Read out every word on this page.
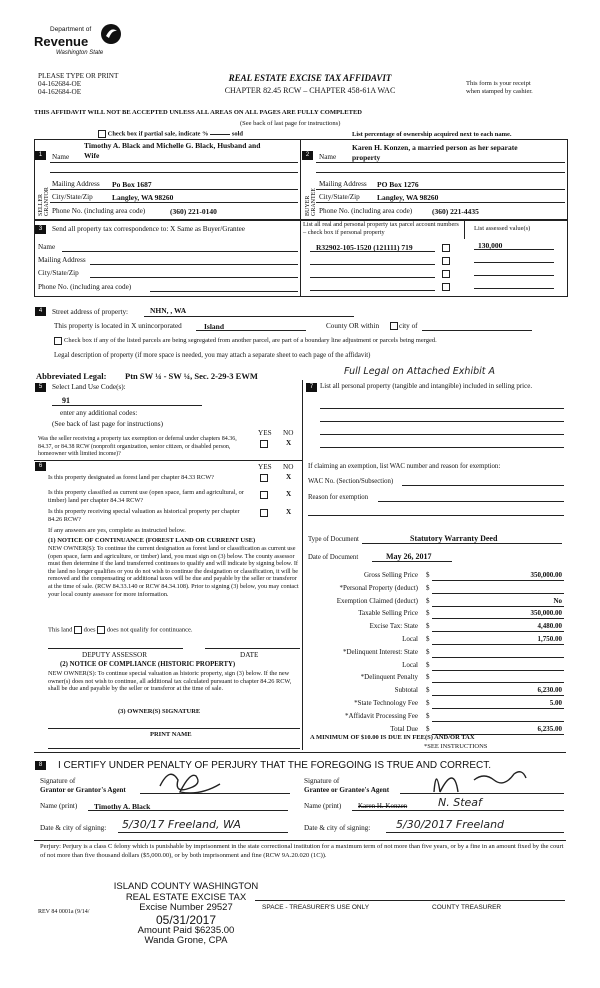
Department of
Revenue
Washington State
PLEASE TYPE OR PRINT
04-162684-OE
04-162684-OE
REAL ESTATE EXCISE TAX AFFIDAVIT
CHAPTER 82.45 RCW – CHAPTER 458-61A WAC
This form is your receipt
when stamped by cashier.
THIS AFFIDAVIT WILL NOT BE ACCEPTED UNLESS ALL AREAS ON ALL PAGES ARE FULLY COMPLETED
(See back of last page for instructions)
Check box if partial sale, indicate %	sold	List percentage of ownership acquired next to each name.
1
SELLER GRANTOR
Timothy A. Black and Michelle G. Black, Husband and
Name Wife
Mailing Address Po Box 1687
City/State/Zip	Langley, WA 98260
Phone No. (including area code)	(360) 221-0140
2
BUYER GRANTEE
Karen H. Konzen, a married person as her separate
Name property
Mailing Address PO Box 1276
City/State/Zip Langley, WA 98260
Phone No. (including area code)	(360) 221-4435
3	Send all property tax correspondence to: X Same as Buyer/Grantee
Name
Mailing Address
City/State/Zip
Phone No. (including area code)
List all real and personal property tax parcel account numbers – check box if personal property
List assessed value(s)
R32902-105-1520 (121111) 719	130,000
4	Street address of property:	NHN, , WA
This property is located in X unincorporated	Island	County OR within	city of
Check box if any of the listed parcels are being segregated from another parcel, are part of a boundary line adjustment or parcels being merged.
Legal description of property (if more space is needed, you may attach a separate sheet to each page of the affidavit)
Abbreviated Legal: Ptn SW ¼ - SW ¼, Sec. 2-29-3 EWM	Full Legal on Attached Exhibit A
5	Select Land Use Code(s):
91
enter any additional codes:
(See back of last page for instructions)
YES NO
Was the seller receiving a property tax exemption or deferral under chapters 84.36, 84.37, or 84.38 RCW (nonprofit organization, senior citizen, or disabled person, homeowner with limited income)?
X
6	YES NO
Is this property designated as forest land per chapter 84.33 RCW?	X
Is this property classified as current use (open space, farm and agricultural, or timber) land per chapter 84.34 RCW?
X
Is this property receiving special valuation as historical property per chapter 84.26 RCW?
X
If any answers are yes, complete as instructed below.
(1) NOTICE OF CONTINUANCE (FOREST LAND OR CURRENT USE)
NEW OWNER(S): To continue the current designation as forest land or classification as current use (open space, farm and agriculture, or timber) land, you must sign on (3) below. The county assessor must then determine if the land transferred continues to qualify and will indicate by signing below. If the land no longer qualifies or you do not wish to continue the designation or classification, it will be removed and the compensating or additional taxes will be due and payable by the seller or transferor at the time of sale. (RCW 84.33.140 or RCW 84.34.108). Prior to signing (3) below, you may contact your local county assessor for more information.
This land does does not qualify for continuance.
DEPUTY ASSESSOR	DATE
(2) NOTICE OF COMPLIANCE (HISTORIC PROPERTY)
NEW OWNER(S): To continue special valuation as historic property, sign (3) below. If the new owner(s) does not wish to continue, all additional tax calculated pursuant to chapter 84.26 RCW, shall be due and payable by the seller or transferor at the time of sale.
(3) OWNER(S) SIGNATURE
PRINT NAME
7 List all personal property (tangible and intangible) included in selling price.
If claiming an exemption, list WAC number and reason for exemption:
WAC No. (Section/Subsection)
Reason for exemption
Type of Document	Statutory Warranty Deed
Date of Document	May 26, 2017
Gross Selling Price $	350,000.00
*Personal Property (deduct) $
Exemption Claimed (deduct) $	No
Taxable Selling Price $	350,000.00
Excise Tax: State $	4,480.00
Local $	1,750.00
*Delinquent Interest: State $
Local $
*Delinquent Penalty $
Subtotal $	6,230.00
*State Technology Fee $	5.00
*Affidavit Processing Fee $
Total Due $	6,235.00
A MINIMUM OF $10.00 IS DUE IN FEE(S) AND/OR TAX
*SEE INSTRUCTIONS
8	I CERTIFY UNDER PENALTY OF PERJURY THAT THE FOREGOING IS TRUE AND CORRECT.
Signature of
Grantor or Grantor's Agent
Name (print) Timothy A. Black
Date & city of signing: 5/30/17 Freeland, WA
Signature of
Grantee or Grantee's Agent
Name (print) Karen H. Konzen	N. Steaf
Date & city of signing: 5/30/2017 Freeland
Perjury: Perjury is a class C felony which is punishable by imprisonment in the state correctional institution for a maximum term of not more than five years, or by a fine in an amount fixed by the court of not more than five thousand dollars ($5,000.00), or by both imprisonment and fine (RCW 9A.20.020 (1C)).
ISLAND COUNTY WASHINGTON
REAL ESTATE EXCISE TAX
Excise Number 29527
05/31/2017
Amount Paid $6235.00
Wanda Grone, CPA
REV 84 0001a (9/14/
SPACE - TREASURER'S USE ONLY	COUNTY TREASURER
